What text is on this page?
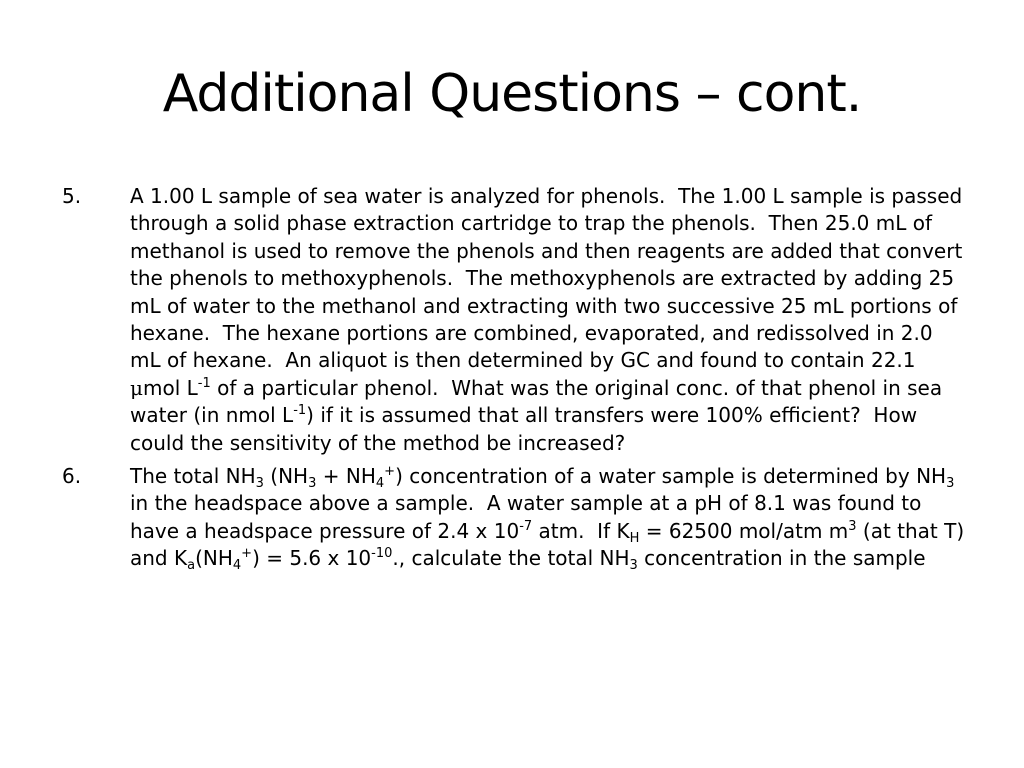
Additional Questions – cont.
5.	A 1.00 L sample of sea water is analyzed for phenols.  The 1.00 L sample is passed through a solid phase extraction cartridge to trap the phenols.  Then 25.0 mL of methanol is used to remove the phenols and then reagents are added that convert the phenols to methoxyphenols.  The methoxyphenols are extracted by adding 25 mL of water to the methanol and extracting with two successive 25 mL portions of hexane.  The hexane portions are combined, evaporated, and redissolved in 2.0 mL of hexane.  An aliquot is then determined by GC and found to contain 22.1 μmol $L^{-1}$ of a particular phenol.  What was the original conc. of that phenol in sea water (in nmol $L^{-1}$) if it is assumed that all transfers were 100% efficient?  How could the sensitivity of the method be increased?
6.	The total $NH_3$ $(NH_3 + NH_4^+)$ concentration of a water sample is determined by $NH_3$ in the headspace above a sample.  A water sample at a pH of 8.1 was found to have a headspace pressure of 2.4 x $10^{-7}$ atm.  If $K_H = 62500$ mol/atm $m^3$ (at that T) and $K_a(NH_4^+) = 5.6$ x $10^{-10}$., calculate the total $NH_3$ concentration in the sample
